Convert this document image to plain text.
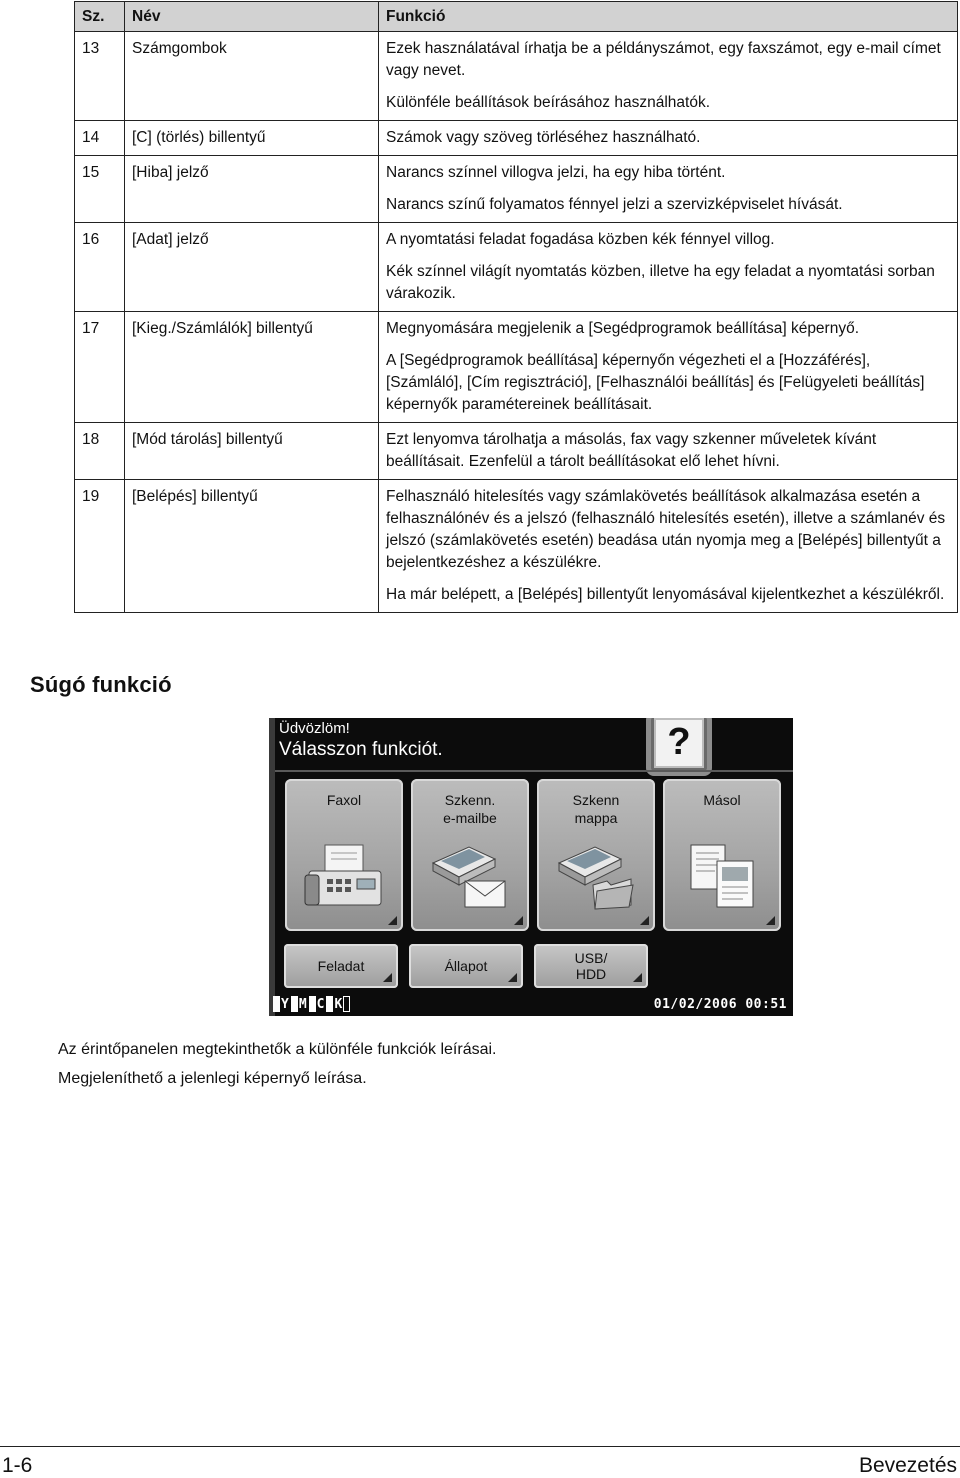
Sz.	Név	Funkció
13	Számgombok	Ezek használatával írhatja be a példányszámot, egy faxszámot, egy e-mail címet vagy nevet.

Különféle beállítások beírásához használhatók.

14	[C] (törlés) billentyű	Számok vagy szöveg törléséhez használható.

15	[Hiba] jelző	Narancs színnel villogva jelzi, ha egy hiba történt.

Narancs színű folyamatos fénnyel jelzi a szervizképviselet hívását.

16	[Adat] jelző	A nyomtatási feladat fogadása közben kék fénnyel villog.

Kék színnel világít nyomtatás közben, illetve ha egy feladat a nyomtatási sorban várakozik.

17	[Kieg./Számlálók] billentyű	Megnyomására megjelenik a [Segédprogramok beállítása] képernyő.

A [Segédprogramok beállítása] képernyőn végezheti el a [Hozzáférés], [Számláló], [Cím regisztráció], [Felhasználói beállítás] és [Felügyeleti beállítás] képernyők paramétereinek beállításait.

18	[Mód tárolás] billentyű	Ezt lenyomva tárolhatja a másolás, fax vagy szkenner műveletek kívánt beállításait. Ezenfelül a tárolt beállításokat elő lehet hívni.

19	[Belépés] billentyű	Felhasználó hitelesítés vagy számlakövetés beállítások alkalmazása esetén a felhasználónév és a jelszó (felhasználó hitelesítés esetén), illetve a számlanév és jelszó (számlakövetés esetén) beadása után nyomja meg a [Belépés] billentyűt a bejelentkezéshez a készülékre.

Ha már belépett, a [Belépés] billentyűt lenyomásával kijelentkezhet a készülékről.

Súgó funkció
Üdvözlöm!
Válasszon funkciót.	?
Faxol	Szkenn.
e-mailbe
Szkenn
mappa
Másol
Feladat	Állapot	USB/
HDD
Y M C K	01/02/2006 00:51

Az érintőpanelen megtekinthetők a különféle funkciók leírásai.

Megjeleníthető a jelenlegi képernyő leírása.

1-6	Bevezetés
